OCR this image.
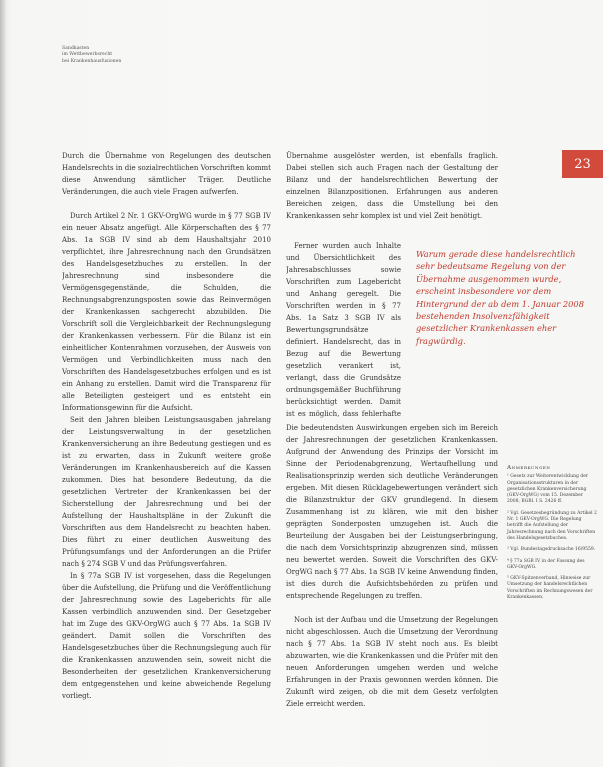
Sandkasten
im Wettbewerbsrecht
bei Krankenhausfusionen
23

Durch die Übernahme von Regelungen des deutschen Handelsrechts in die sozialrechtlichen Vorschriften kommt diese Anwendung sämtlicher Träger. Deutliche Veränderungen, die auch viele Fragen aufwerfen.

Durch Artikel 2 Nr. 1 GKV-OrgWG wurde in § 77 SGB IV ein neuer Absatz angefügt. Alle Körperschaften des § 77 Abs. 1a SGB IV sind ab dem Haushaltsjahr 2010 verpflichtet, ihre Jahresrechnung nach den Grundsätzen des Handelsgesetzbuches zu erstellen. In der Jahresrechnung sind insbesondere die Vermögensgegenstände, die Schulden, die Rechnungsabgrenzungsposten sowie das Reinvermögen der Krankenkassen sachgerecht abzubilden. Die Vorschrift soll die Vergleichbarkeit der Rechnungslegung der Krankenkassen verbessern. Für die Bilanz ist ein einheitlicher Kontenrahmen vorzusehen, der Ausweis von Vermögen und Verbindlichkeiten muss nach den Vorschriften des Handelsgesetzbuches erfolgen und es ist ein Anhang zu erstellen. Damit wird die Transparenz für alle Beteiligten gesteigert und es entsteht ein Informationsgewinn für die Aufsicht.

Seit den Jahren bleiben Leistungsausgaben jahrelang der Leistungsverwaltung in der gesetzlichen Krankenversicherung an ihre Bedeutung gestiegen und es ist zu erwarten, dass in Zukunft weitere große Veränderungen im Krankenhausbereich auf die Kassen zukommen. Dies hat besondere Bedeutung, da die gesetzlichen Vertreter der Krankenkassen bei der Sicherstellung der Jahresrechnung und bei der Aufstellung der Haushaltspläne in der Zukunft die Vorschriften aus dem Handelsrecht zu beachten haben. Dies führt zu einer deutlichen Ausweitung des Prüfungsumfangs und der Anforderungen an die Prüfer nach § 274 SGB V und das Prüfungsverfahren.

In § 77a SGB IV ist vorgesehen, dass die Regelungen über die Aufstellung, die Prüfung und die Veröffentlichung der Jahresrechnung sowie des Lageberichts für alle Kassen verbindlich anzuwenden sind. Der Gesetzgeber hat im Zuge des GKV-OrgWG auch § 77 Abs. 1a SGB IV geändert. Damit sollen die Vorschriften des Handelsgesetzbuches über die Rechnungslegung auch für die Krankenkassen anzuwenden sein, soweit nicht die Besonderheiten der gesetzlichen Krankenversicherung dem entgegenstehen und keine abweichende Regelung vorliegt.

Übernahme ausgelöster werden, ist ebenfalls fraglich. Dabei stellen sich auch Fragen nach der Gestaltung der Bilanz und der handelsrechtlichen Bewertung der einzelnen Bilanzpositionen. Erfahrungen aus anderen Bereichen zeigen, dass die Umstellung bei den Krankenkassen sehr komplex ist und viel Zeit benötigt.

Ferner wurden auch Inhalte und Übersichtlichkeit des Jahresabschlusses sowie Vorschriften zum Lagebericht und Anhang geregelt. Die Vorschriften werden in § 77 Abs. 1a Satz 3 SGB IV als Bewertungsgrundsätze definiert. Handelsrecht, das in Bezug auf die Bewertung gesetzlich verankert ist, verlangt, dass die Grundsätze ordnungsgemäßer Buchführung berücksichtigt werden. Damit ist es möglich, dass fehlerhafte

Warum gerade diese handelsrechtlich sehr bedeutsame Regelung von der Übernahme ausgenommen wurde, erscheint insbesondere vor dem Hintergrund der ab dem 1. Januar 2008 bestehenden Insolvenzfähigkeit gesetzlicher Krankenkassen eher fragwürdig.

Die bedeutendsten Auswirkungen ergeben sich im Bereich der Jahresrechnungen der gesetzlichen Krankenkassen. Aufgrund der Anwendung des Prinzips der Vorsicht im Sinne der Periodenabgrenzung, Wertaufhellung und Realisationsprinzip werden sich deutliche Veränderungen ergeben. Mit diesen Rücklagebewertungen verändert sich die Bilanzstruktur der GKV grundlegend. In diesem Zusammenhang ist zu klären, wie mit den bisher geprägten Sonderposten umzugehen ist. Auch die Beurteilung der Ausgaben bei der Leistungserbringung, die nach dem Vorsichtsprinzip abzugrenzen sind, müssen neu bewertet werden. Soweit die Vorschriften des GKV-OrgWG nach § 77 Abs. 1a SGB IV keine Anwendung finden, ist dies durch die Aufsichtsbehörden zu prüfen und entsprechende Regelungen zu treffen.

Noch ist der Aufbau und die Umsetzung der Regelungen nicht abgeschlossen. Auch die Umsetzung der Verordnung nach § 77 Abs. 1a SGB IV steht noch aus. Es bleibt abzuwarten, wie die Krankenkassen und die Prüfer mit den neuen Anforderungen umgehen werden und welche Erfahrungen in der Praxis gewonnen werden können. Die Zukunft wird zeigen, ob die mit dem Gesetz verfolgten Ziele erreicht werden.

Anmerkungen

¹ Gesetz zur Weiterentwicklung der Organisationsstrukturen in der gesetzlichen Krankenversicherung (GKV-OrgWG) vom 15. Dezember 2008, BGBl. I S. 2426 ff.

² Vgl. Gesetzesbegründung zu Artikel 2 Nr. 1 GKV-OrgWG. Die Regelung betrifft die Aufstellung der Jahresrechnung nach den Vorschriften des Handelsgesetzbuches.

³ Vgl. Bundestagsdrucksache 16/9559.

⁴ § 77a SGB IV in der Fassung des GKV-OrgWG.

⁵ GKV-Spitzenverband, Hinweise zur Umsetzung der handelsrechtlichen Vorschriften im Rechnungswesen der Krankenkassen.
